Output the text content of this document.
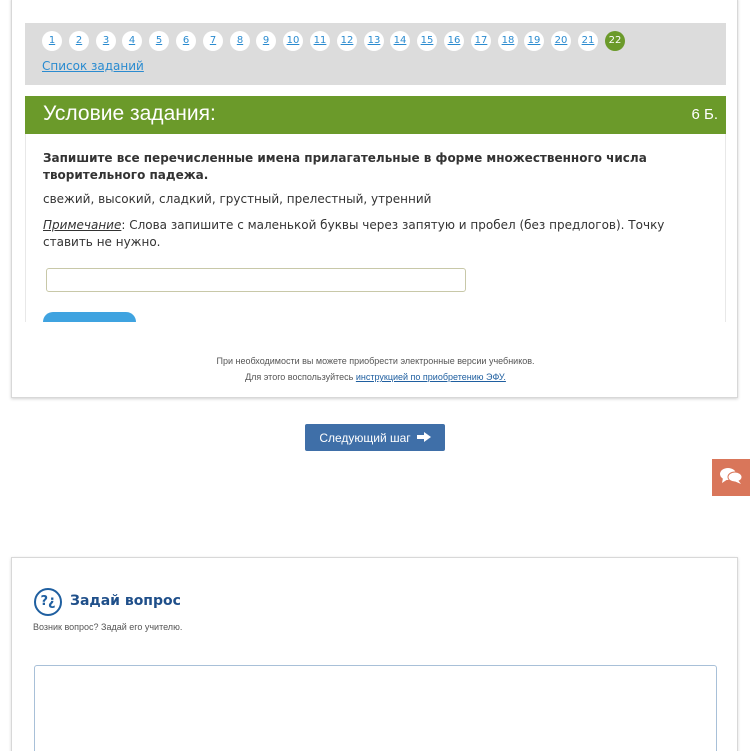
1	2	3	4	5	6	7	8	9	10	11	12	13	14	15	16	17	18	19	20	21	22
Список заданий
Условие задания:	6 Б.
Запишите все перечисленные имена прилагательные в форме множественного числа творительного падежа.
свежий, высокий, сладкий, грустный, прелестный, утренний
Примечание: Слова запишите с маленькой буквы через запятую и пробел (без предлогов). Точку ставить не нужно.
При необходимости вы можете приобрести электронные версии учебников.
Для этого воспользуйтесь инструкцией по приобретению ЭФУ.
Следующий шаг
?¿	Задай вопрос
Возник вопрос? Задай его учителю.
